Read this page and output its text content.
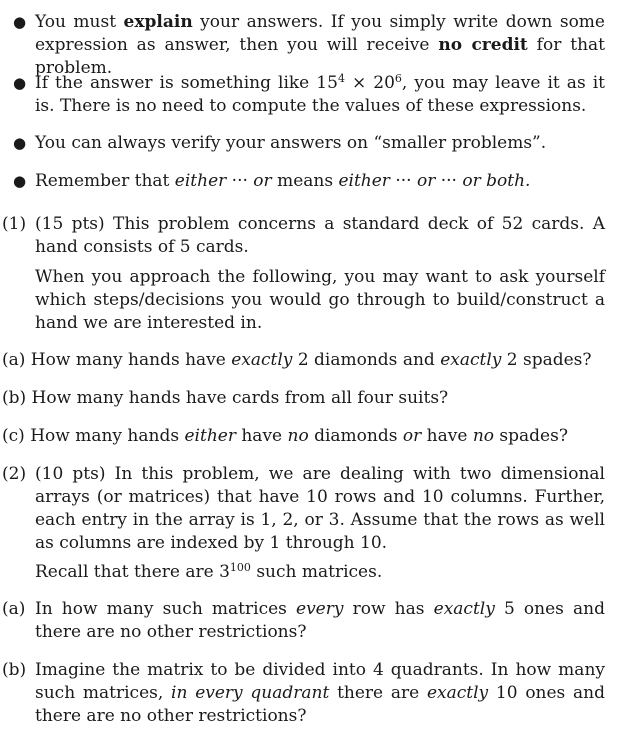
● You must explain your answers. If you simply write down some expression as answer, then you will receive no credit for that problem.
● If the answer is something like $15^4 \times 20^6$, you may leave it as it is. There is no need to compute the values of these expressions.
● You can always verify your answers on “smaller problems”.
● Remember that either ··· or means either ··· or ··· or both.
(1) (15 pts) This problem concerns a standard deck of 52 cards. A hand consists of 5 cards.
When you approach the following, you may want to ask yourself which steps/decisions you would go through to build/construct a hand we are interested in.
(a) How many hands have exactly 2 diamonds and exactly 2 spades?
(b) How many hands have cards from all four suits?
(c) How many hands either have no diamonds or have no spades?
(2) (10 pts) In this problem, we are dealing with two dimensional arrays (or matrices) that have 10 rows and 10 columns. Further, each entry in the array is 1, 2, or 3. Assume that the rows as well as columns are indexed by 1 through 10.
Recall that there are $3^{100}$ such matrices.
(a) In how many such matrices every row has exactly 5 ones and there are no other restrictions?
(b) Imagine the matrix to be divided into 4 quadrants. In how many such matrices, in every quadrant there are exactly 10 ones and there are no other restrictions?
